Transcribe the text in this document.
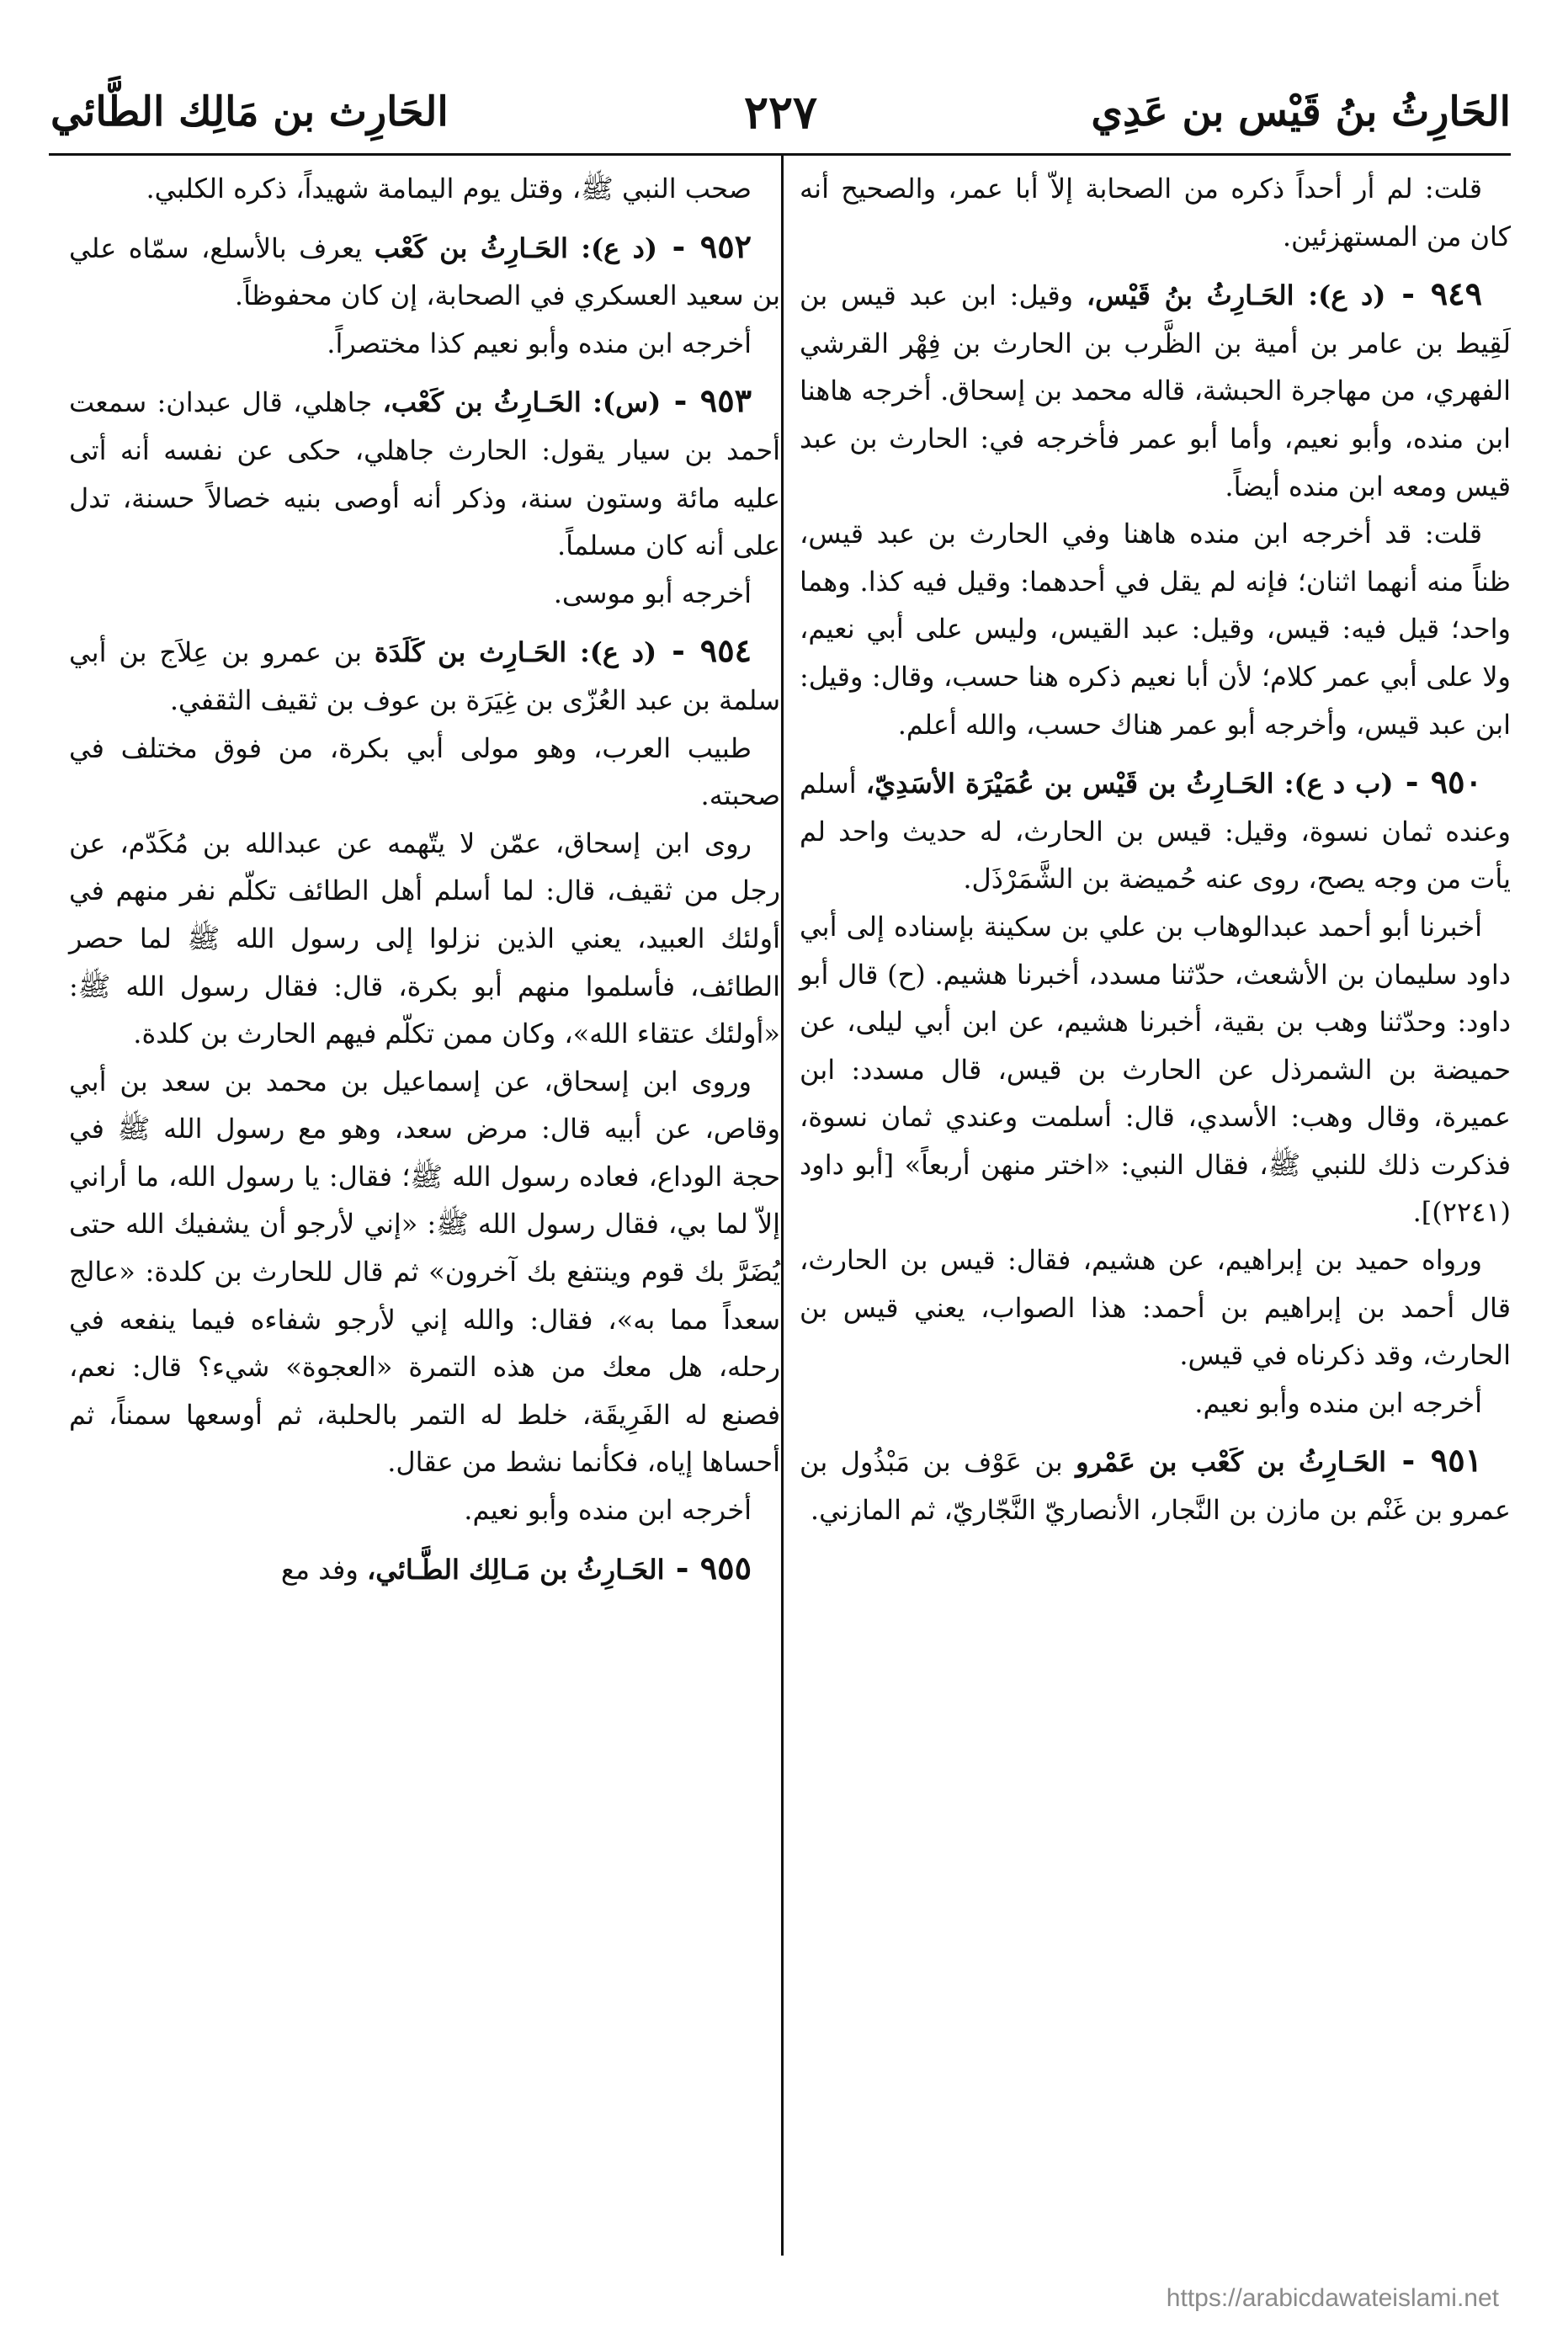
الحَارِثُ بنُ قَيْس بن عَدِي
٢٢٧
الحَارِث بن مَالِك الطَّائي

قلت: لم أر أحداً ذكره من الصحابة إلاّ أبا عمر، والصحيح أنه كان من المستهزئين.

٩٤٩ - (د ع): الحَـارِثُ بنُ قَيْس، وقيل: ابن عبد قيس بن لَقِيط بن عامر بن أمية بن الظَّرب بن الحارث بن فِهْر القرشي الفهري، من مهاجرة الحبشة، قاله محمد بن إسحاق. أخرجه هاهنا ابن منده، وأبو نعيم، وأما أبو عمر فأخرجه في: الحارث بن عبد قيس ومعه ابن منده أيضاً.

قلت: قد أخرجه ابن منده هاهنا وفي الحارث بن عبد قيس، ظناً منه أنهما اثنان؛ فإنه لم يقل في أحدهما: وقيل فيه كذا. وهما واحد؛ قيل فيه: قيس، وقيل: عبد القيس، وليس على أبي نعيم، ولا على أبي عمر كلام؛ لأن أبا نعيم ذكره هنا حسب، وقال: وقيل: ابن عبد قيس، وأخرجه أبو عمر هناك حسب، والله أعلم.

٩٥٠ - (ب د ع): الحَـارِثُ بن قَيْس بن عُمَيْرَة الأسَدِيّ، أسلم وعنده ثمان نسوة، وقيل: قيس بن الحارث، له حديث واحد لم يأت من وجه يصح، روى عنه حُميضة بن الشَّمَرْذَل.

أخبرنا أبو أحمد عبدالوهاب بن علي بن سكينة بإسناده إلى أبي داود سليمان بن الأشعث، حدّثنا مسدد، أخبرنا هشيم. (ح) قال أبو داود: وحدّثنا وهب بن بقية، أخبرنا هشيم، عن ابن أبي ليلى، عن حميضة بن الشمرذل عن الحارث بن قيس، قال مسدد: ابن عميرة، وقال وهب: الأسدي، قال: أسلمت وعندي ثمان نسوة، فذكرت ذلك للنبي ﷺ، فقال النبي: «اختر منهن أربعاً» [أبو داود (٢٢٤١)].

ورواه حميد بن إبراهيم، عن هشيم، فقال: قيس بن الحارث، قال أحمد بن إبراهيم بن أحمد: هذا الصواب، يعني قيس بن الحارث، وقد ذكرناه في قيس.

أخرجه ابن منده وأبو نعيم.

٩٥١ - الحَـارِثُ بن كَعْب بن عَمْرو بن عَوْف بن مَبْذُول بن عمرو بن غَنْم بن مازن بن النَّجار، الأنصاريّ النَّجّاريّ، ثم المازني.

صحب النبي ﷺ، وقتل يوم اليمامة شهيداً، ذكره الكلبي.

٩٥٢ - (د ع): الحَـارِثُ بن كَعْب يعرف بالأسلع، سمّاه علي بن سعيد العسكري في الصحابة، إن كان محفوظاً.

أخرجه ابن منده وأبو نعيم كذا مختصراً.

٩٥٣ - (س): الحَـارِثُ بن كَعْب، جاهلي، قال عبدان: سمعت أحمد بن سيار يقول: الحارث جاهلي، حكى عن نفسه أنه أتى عليه مائة وستون سنة، وذكر أنه أوصى بنيه خصالاً حسنة، تدل على أنه كان مسلماً.

أخرجه أبو موسى.

٩٥٤ - (د ع): الحَـارِث بن كَلَدَة بن عمرو بن عِلاَج بن أبي سلمة بن عبد العُزّى بن غِيَرَة بن عوف بن ثقيف الثقفي.

طبيب العرب، وهو مولى أبي بكرة، من فوق مختلف في صحبته.

روى ابن إسحاق، عمّن لا يتّهمه عن عبدالله بن مُكَدّم، عن رجل من ثقيف، قال: لما أسلم أهل الطائف تكلّم نفر منهم في أولئك العبيد، يعني الذين نزلوا إلى رسول الله ﷺ لما حصر الطائف، فأسلموا منهم أبو بكرة، قال: فقال رسول الله ﷺ: «أولئك عتقاء الله»، وكان ممن تكلّم فيهم الحارث بن كلدة.

وروى ابن إسحاق، عن إسماعيل بن محمد بن سعد بن أبي وقاص، عن أبيه قال: مرض سعد، وهو مع رسول الله ﷺ في حجة الوداع، فعاده رسول الله ﷺ؛ فقال: يا رسول الله، ما أراني إلاّ لما بي، فقال رسول الله ﷺ: «إني لأرجو أن يشفيك الله حتى يُضَرَّ بك قوم وينتفع بك آخرون» ثم قال للحارث بن كلدة: «عالج سعداً مما به»، فقال: والله إني لأرجو شفاءه فيما ينفعه في رحله، هل معك من هذه التمرة «العجوة» شيء؟ قال: نعم، فصنع له الفَرِيقَة، خلط له التمر بالحلبة، ثم أوسعها سمناً، ثم أحساها إياه، فكأنما نشط من عقال.

أخرجه ابن منده وأبو نعيم.

٩٥٥ - الحَـارِثُ بن مَـالِك الطَّـائي، وفد مع

https://arabicdawateislami.net
